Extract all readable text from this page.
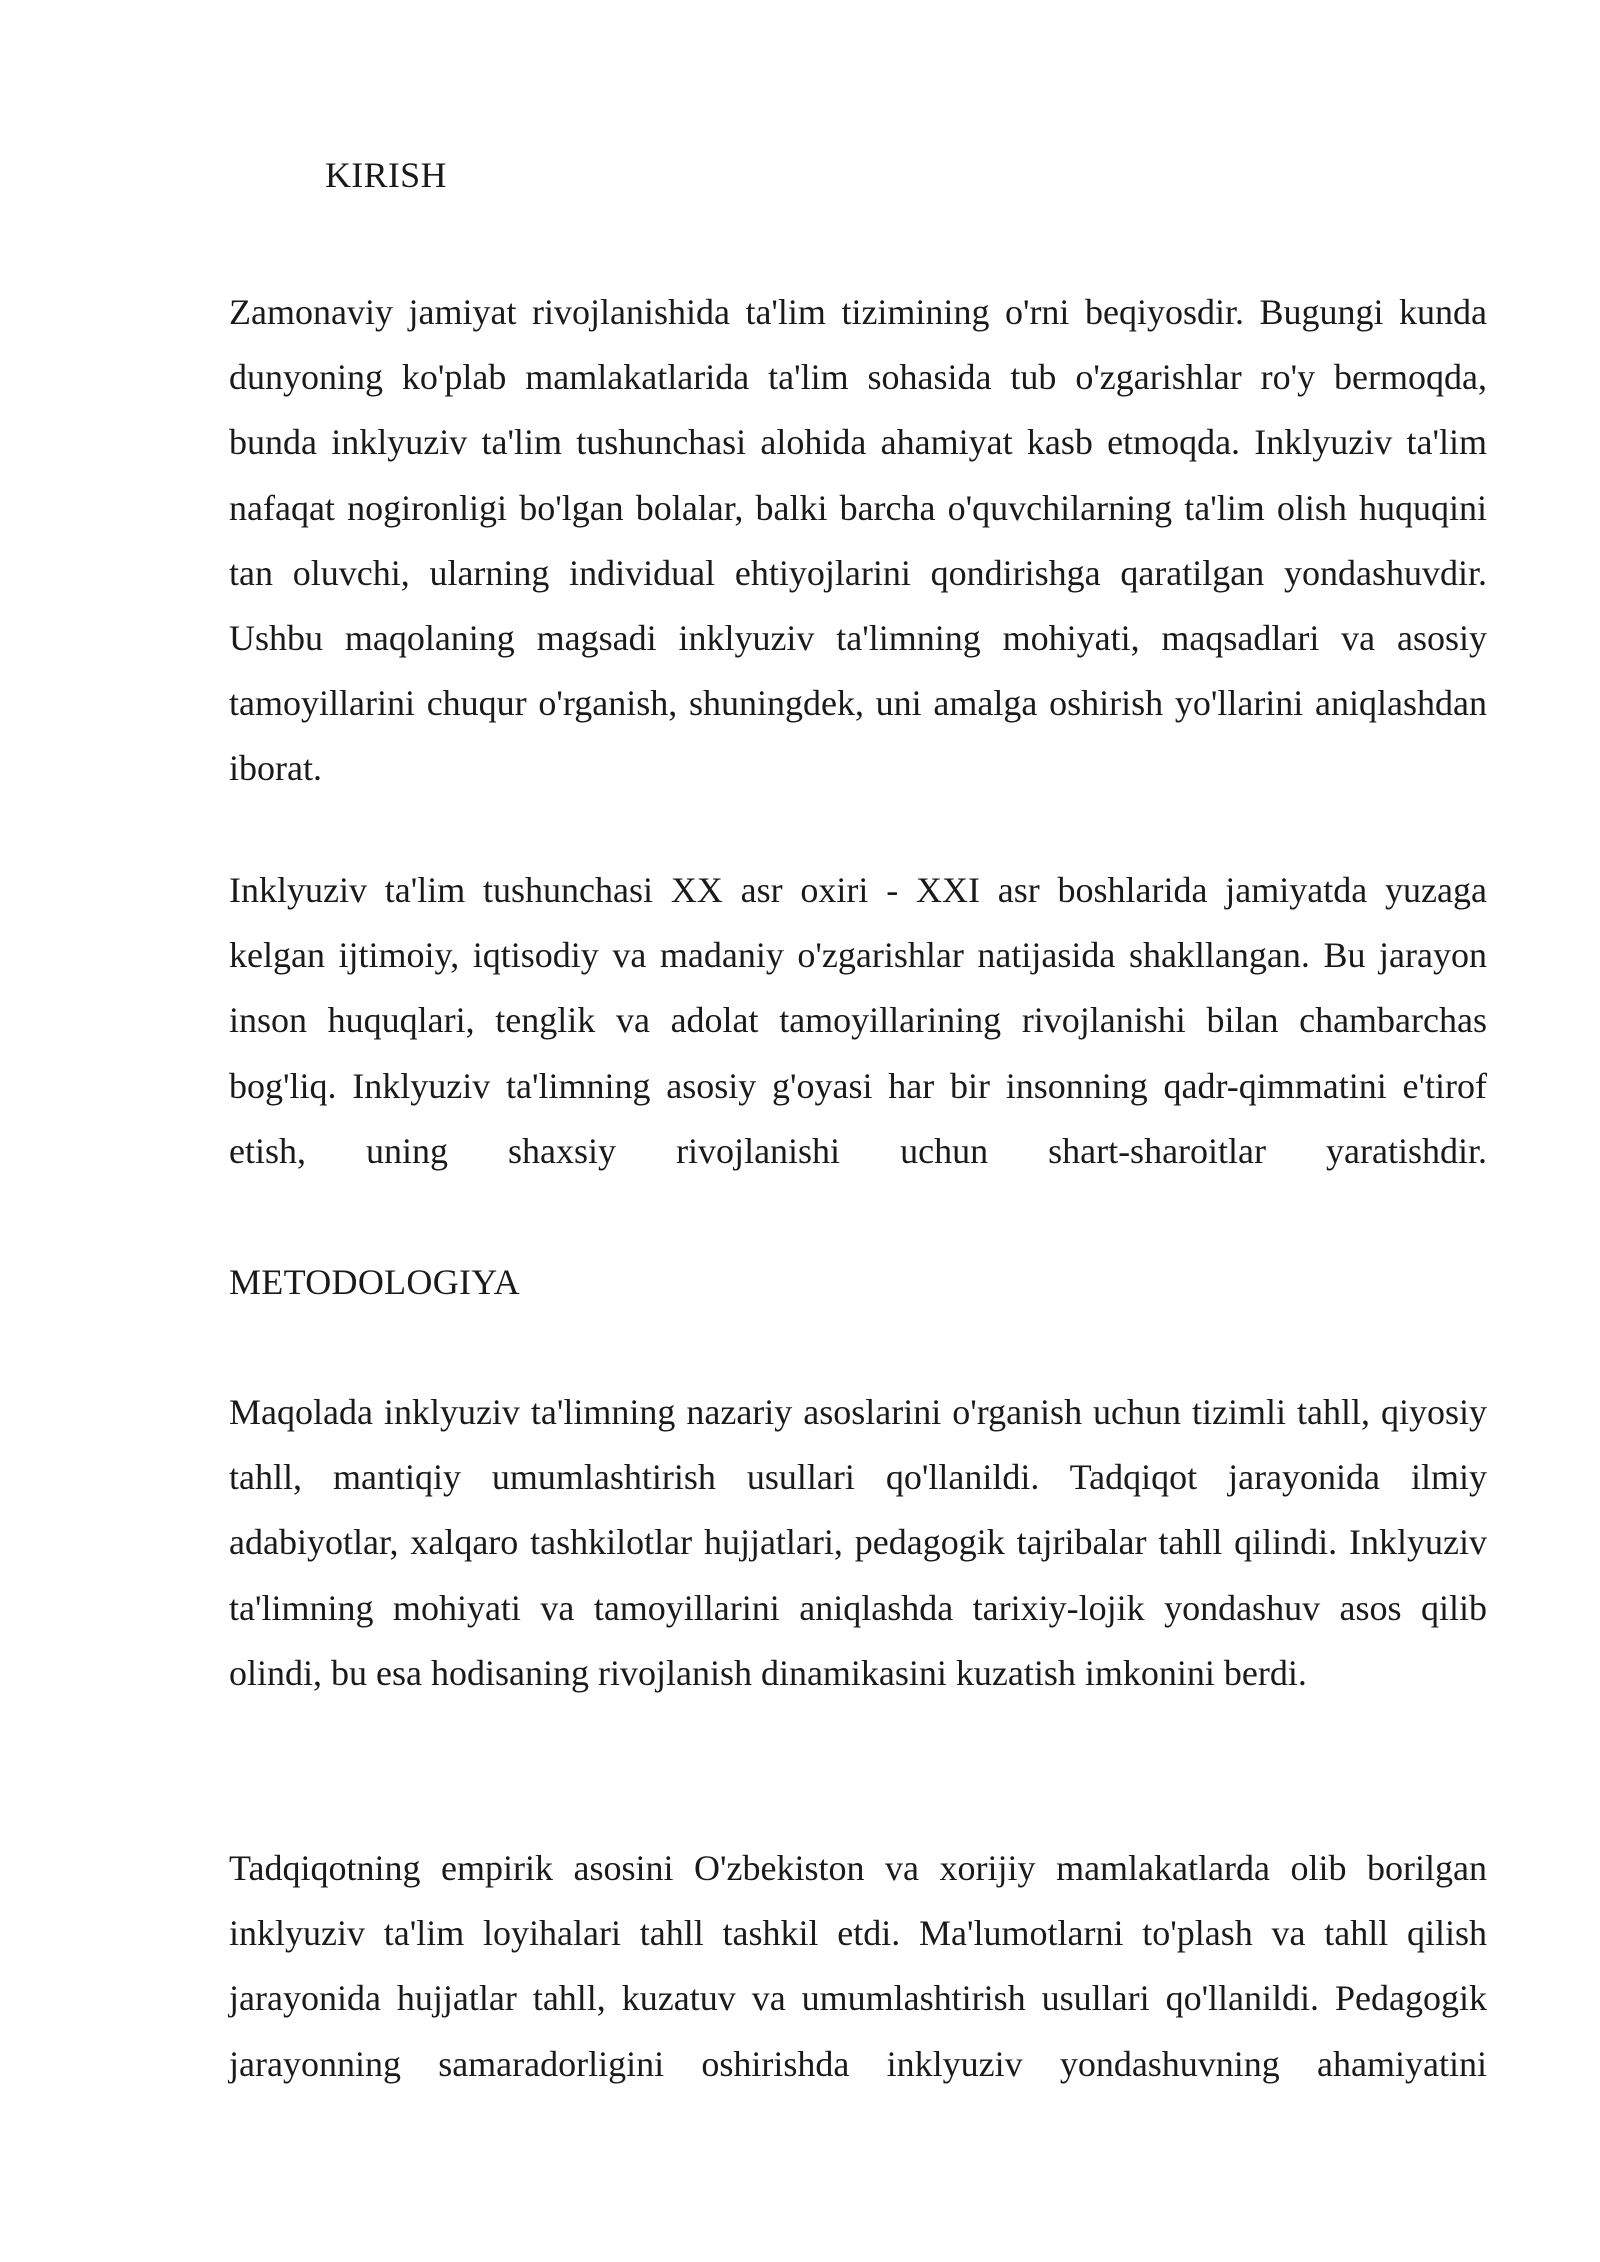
KIRISH

Zamonaviy jamiyat rivojlanishida ta'lim tizimining o'rni beqiyosdir. Bugungi kunda dunyoning ko'plab mamlakatlarida ta'lim sohasida tub o'zgarishlar ro'y bermoqda, bunda inklyuziv ta'lim tushunchasi alohida ahamiyat kasb etmoqda. Inklyuziv ta'lim nafaqat nogironligi bo'lgan bolalar, balki barcha o'quvchilarning ta'lim olish huquqini tan oluvchi, ularning individual ehtiyojlarini qondirishga qaratilgan yondashuvdir. Ushbu maqolaning magsadi inklyuziv ta'limning mohiyati, maqsadlari va asosiy tamoyillarini chuqur o'rganish, shuningdek, uni amalga oshirish yo'llarini aniqlashdan iborat.

Inklyuziv ta'lim tushunchasi XX asr oxiri - XXI asr boshlarida jamiyatda yuzaga kelgan ijtimoiy, iqtisodiy va madaniy o'zgarishlar natijasida shakllangan. Bu jarayon inson huquqlari, tenglik va adolat tamoyillarining rivojlanishi bilan chambarchas bog'liq. Inklyuziv ta'limning asosiy g'oyasi har bir insonning qadr-qimmatini e'tirof etish, uning shaxsiy rivojlanishi uchun shart-sharoitlar yaratishdir.

METODOLOGIYA

Maqolada inklyuziv ta'limning nazariy asoslarini o'rganish uchun tizimli tahll, qiyosiy tahll, mantiqiy umumlashtirish usullari qo'llanildi. Tadqiqot jarayonida ilmiy adabiyotlar, xalqaro tashkilotlar hujjatlari, pedagogik tajribalar tahll qilindi. Inklyuziv ta'limning mohiyati va tamoyillarini aniqlashda tarixiy-lojik yondashuv asos qilib olindi, bu esa hodisaning rivojlanish dinamikasini kuzatish imkonini berdi.

Tadqiqotning empirik asosini O'zbekiston va xorijiy mamlakatlarda olib borilgan inklyuziv ta'lim loyihalari tahll tashkil etdi. Ma'lumotlarni to'plash va tahll qilish jarayonida hujjatlar tahll, kuzatuv va umumlashtirish usullari qo'llanildi. Pedagogik jarayonning samaradorligini oshirishda inklyuziv yondashuvning ahamiyatini
